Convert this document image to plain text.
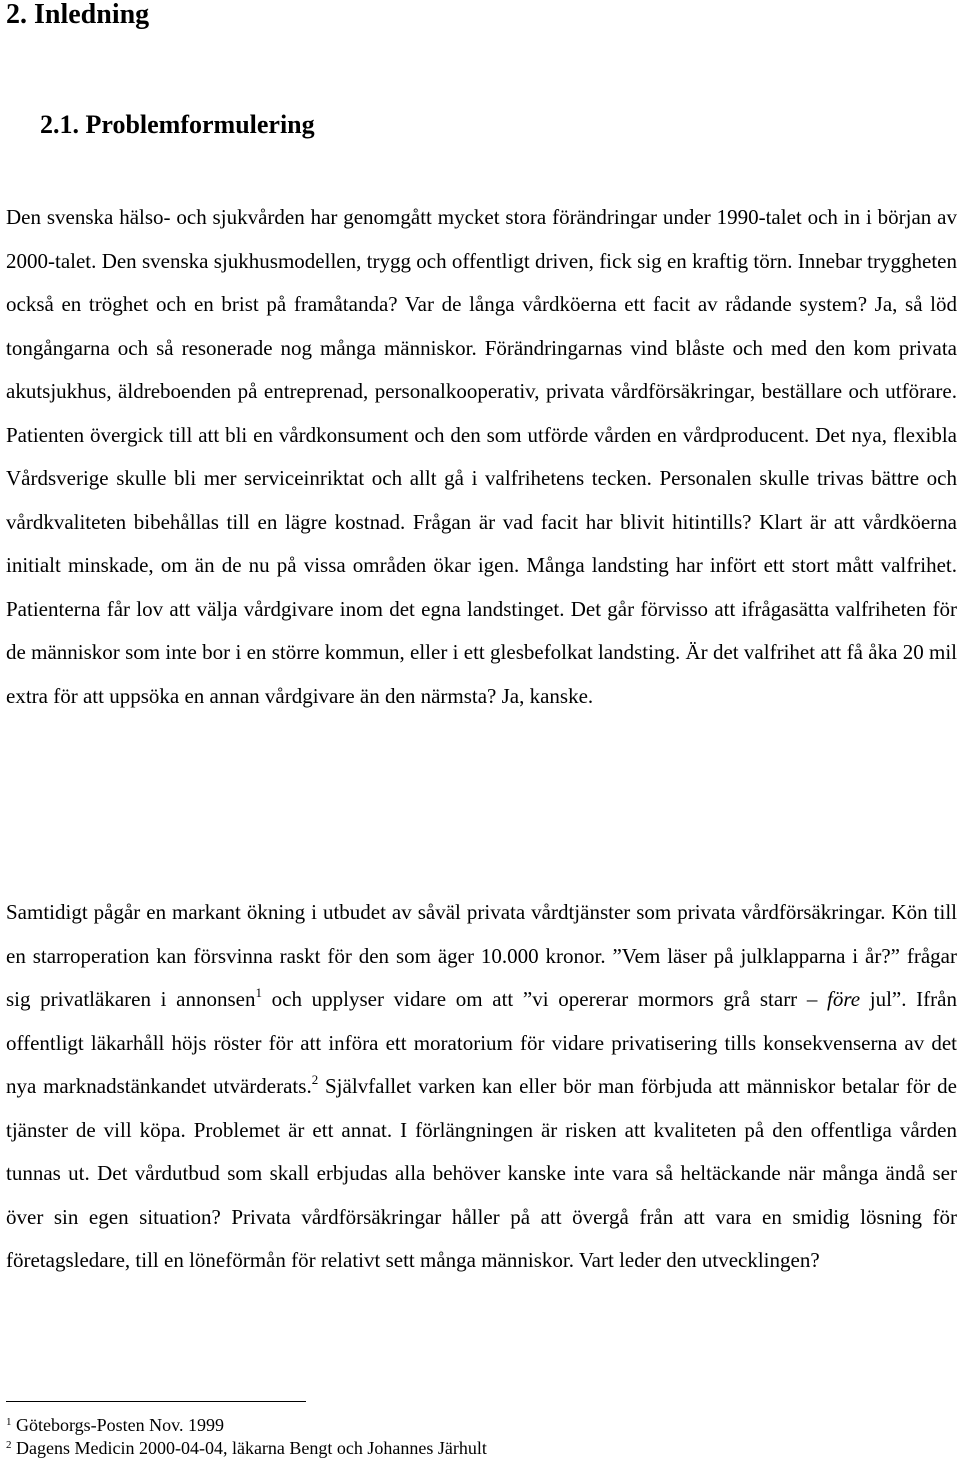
2. Inledning
2.1. Problemformulering

Den svenska hälso- och sjukvården har genomgått mycket stora förändringar under 1990-talet och in i början av 2000-talet. Den svenska sjukhusmodellen, trygg och offentligt driven, fick sig en kraftig törn. Innebar tryggheten också en tröghet och en brist på framåtanda? Var de långa vårdköerna ett facit av rådande system? Ja, så löd tongångarna och så resonerade nog många människor. Förändringarnas vind blåste och med den kom privata akutsjukhus, äldreboenden på entreprenad, personalkooperativ, privata vårdförsäkringar, beställare och utförare. Patienten övergick till att bli en vårdkonsument och den som utförde vården en vårdproducent. Det nya, flexibla Vårdsverige skulle bli mer serviceinriktat och allt gå i valfrihetens tecken. Personalen skulle trivas bättre och vårdkvaliteten bibehållas till en lägre kostnad. Frågan är vad facit har blivit hitintills? Klart är att vårdköerna initialt minskade, om än de nu på vissa områden ökar igen. Många landsting har infört ett stort mått valfrihet. Patienterna får lov att välja vårdgivare inom det egna landstinget. Det går förvisso att ifrågasätta valfriheten för de människor som inte bor i en större kommun, eller i ett glesbefolkat landsting. Är det valfrihet att få åka 20 mil extra för att uppsöka en annan vårdgivare än den närmsta? Ja, kanske.

Samtidigt pågår en markant ökning i utbudet av såväl privata vårdtjänster som privata vårdförsäkringar. Kön till en starroperation kan försvinna raskt för den som äger 10.000 kronor. ”Vem läser på julklapparna i år?” frågar sig privatläkaren i annonsen$^1$ och upplyser vidare om att ”vi opererar mormors grå starr – före jul”. Ifrån offentligt läkarhåll höjs röster för att införa ett moratorium för vidare privatisering tills konsekvenserna av det nya marknadstänkandet utvärderats.$^2$ Självfallet varken kan eller bör man förbjuda att människor betalar för de tjänster de vill köpa. Problemet är ett annat. I förlängningen är risken att kvaliteten på den offentliga vården tunnas ut. Det vårdutbud som skall erbjudas alla behöver kanske inte vara så heltäckande när många ändå ser över sin egen situation? Privata vårdförsäkringar håller på att övergå från att vara en smidig lösning för företagsledare, till en löneförmån för relativt sett många människor. Vart leder den utvecklingen?

$^1$ Göteborgs-Posten Nov. 1999
$^2$ Dagens Medicin 2000-04-04, läkarna Bengt och Johannes Järhult
